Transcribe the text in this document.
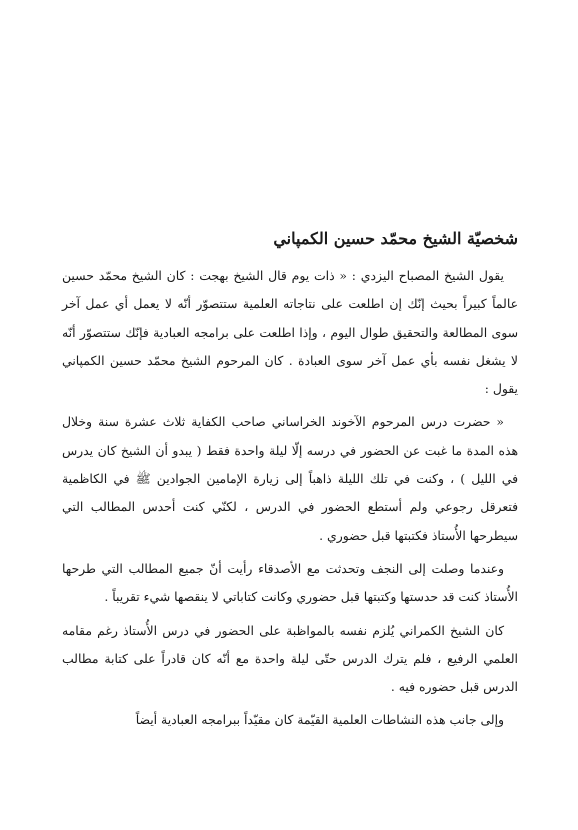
شخصيّة الشيخ محمّد حسين الكمپاني

يقول الشيخ المصباح اليزدي : « ذات يوم قال الشيخ بهجت : كان الشيخ محمّد حسين عالماً كبيراً بحيث إنّك إن اطلعت على نتاجاته العلمية ستتصوّر أنّه لا يعمل أي عمل آخر سوى المطالعة والتحقيق طوال اليوم ، وإذا اطلعت على برامجه العبادية فإنّك ستتصوّر أنّه لا يشغل نفسه بأي عمل آخر سوى العبادة . كان المرحوم الشيخ محمّد حسين الكمپاني يقول :

« حضرت درس المرحوم الآخوند الخراساني صاحب الكفاية ثلاث عشرة سنة وخلال هذه المدة ما غبت عن الحضور في درسه إلّا ليلة واحدة فقط ( يبدو أن الشيخ كان يدرس في الليل ) ، وكنت في تلك الليلة ذاهباً إلى زيارة الإمامين الجوادين ﷺ في الكاظمية فتعرقل رجوعي ولم أستطع الحضور في الدرس ، لكنّي كنت أحدس المطالب التي سيطرحها الأُستاذ فكتبتها قبل حضوري .

وعندما وصلت إلى النجف وتحدثت مع الأصدقاء رأيت أنّ جميع المطالب التي طرحها الأُستاذ كنت قد حدستها وكتبتها قبل حضوري وكانت كتاباتي لا ينقصها شيء تقريباً .

كان الشيخ الكمراني يُلزم نفسه بالمواظبة على الحضور في درس الأُستاذ رغم مقامه العلمي الرفيع ، فلم يترك الدرس حتّى ليلة واحدة مع أنّه كان قادراً على كتابة مطالب الدرس قبل حضوره فيه .

وإلى جانب هذه النشاطات العلمية القيّمة كان مقيّداً ببرامجه العبادية أيضاً
